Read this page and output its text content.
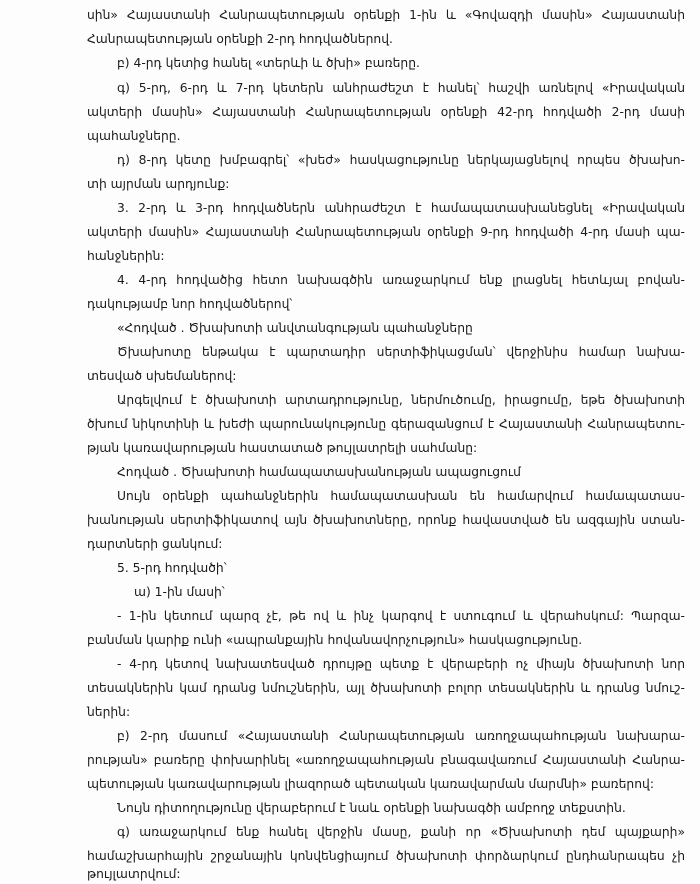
սին» Հայաստանի Հանրապետության օրենքի 1-ին և «Գովազդի մասին» Հայաստանի
Հանրապետության օրենքի 2-րդ հոդվածներով.
բ) 4-րդ կետից հանել «տերևի և ծխի» բառերը.
գ) 5-րդ, 6-րդ և 7-րդ կետերն անհրաժեշտ է հանել՝ հաշվի առնելով «Իրավական
ակտերի մասին» Հայաստանի Հանրապետության օրենքի 42-րդ հոդվածի 2-րդ մասի
պահանջները.
դ) 8-րդ կետը խմբագրել՝ «խեժ» հասկացությունը ներկայացնելով որպես ծխախո-
տի այրման արդյունք:
3. 2-րդ և 3-րդ հոդվածներն անհրաժեշտ է համապատասխանեցնել «Իրավական
ակտերի մասին» Հայաստանի Հանրապետության օրենքի 9-րդ հոդվածի 4-րդ մասի պա-
հանջներին:
4. 4-րդ հոդվածից հետո նախագծին առաջարկում ենք լրացնել հետևյալ բովան-
դակությամբ նոր հոդվածներով՝
«Հոդված . Ծխախոտի անվտանգության պահանջները
Ծխախոտը ենթակա է պարտադիր սերտիֆիկացման՝ վերջինիս համար նախա-
տեսված սխեմաներով:
Արգելվում է ծխախոտի արտադրությունը, ներմուծումը, իրացումը, եթե ծխախոտի
ծխում նիկոտինի և խեժի պարունակությունը գերազանցում է Հայաստանի Հանրապետու-
թյան կառավարության հաստատած թույլատրելի սահմանը:
Հոդված . Ծխախոտի համապատասխանության ապացուցում
Սույն օրենքի պահանջներին համապատասխան են համարվում համապատաս-
խանության սերտիֆիկատով այն ծխախոտները, որոնք հավաստված են ազգային ստան-
դարտների ցանկում:
5. 5-րդ հոդվածի՝
ա) 1-ին մասի՝
- 1-ին կետում պարզ չէ, թե ով և ինչ կարգով է ստուգում և վերահսկում: Պարզա-
բանման կարիք ունի «ապրանքային հովանավորչություն» հասկացությունը.
- 4-րդ կետով նախատեսված դրույթը պետք է վերաբերի ոչ միայն ծխախոտի նոր
տեսակներին կամ դրանց նմուշներին, այլ ծխախոտի բոլոր տեսակներին և դրանց նմուշ-
ներին:
բ) 2-րդ մասում «Հայաստանի Հանրապետության առողջապահության նախարա-
րության» բառերը փոխարինել «առողջապահության բնագավառում Հայաստանի Հանրա-
պետության կառավարության լիազորած պետական կառավարման մարմնի» բառերով:
Նույն դիտողությունը վերաբերում է նաև օրենքի նախագծի ամբողջ տեքստին.
գ) առաջարկում ենք հանել վերջին մասը, քանի որ «Ծխախոտի դեմ պայքարի»
համաշխարհային շրջանային կոնվենցիայում ծխախոտի փորձարկում ընդհանրապես չի
թույլատրվում:
